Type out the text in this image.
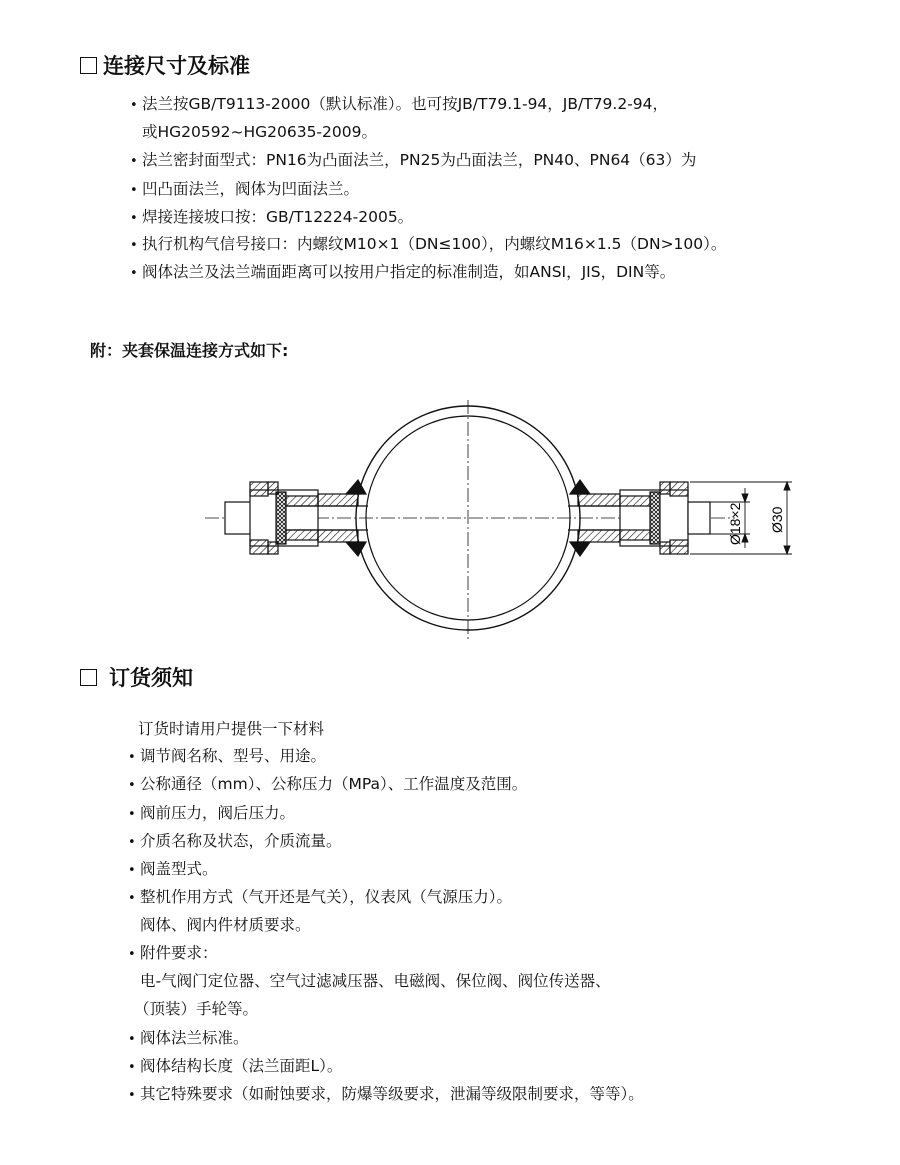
连接尺寸及标准
• 法兰按GB/T9113-2000（默认标准）。也可按JB/T79.1-94，JB/T79.2-94，
或HG20592~HG20635-2009。
• 法兰密封面型式：PN16为凸面法兰，PN25为凸面法兰，PN40、PN64（63）为
• 凹凸面法兰，阀体为凹面法兰。
• 焊接连接坡口按：GB/T12224-2005。
• 执行机构气信号接口：内螺纹M10×1（DN≤100），内螺纹M16×1.5（DN>100）。
• 阀体法兰及法兰端面距离可以按用户指定的标准制造，如ANSI，JIS，DIN等。
附：夹套保温连接方式如下:
Ø18×2 Ø30
订货须知
订货时请用户提供一下材料
• 调节阀名称、型号、用途。
• 公称通径（mm）、公称压力（MPa）、工作温度及范围。
• 阀前压力，阀后压力。
• 介质名称及状态，介质流量。
• 阀盖型式。
• 整机作用方式（气开还是气关），仪表风（气源压力）。
阀体、阀内件材质要求。
• 附件要求：
电-气阀门定位器、空气过滤减压器、电磁阀、保位阀、阀位传送器、
（顶装）手轮等。
• 阀体法兰标准。
• 阀体结构长度（法兰面距L）。
• 其它特殊要求（如耐蚀要求，防爆等级要求，泄漏等级限制要求，等等）。
